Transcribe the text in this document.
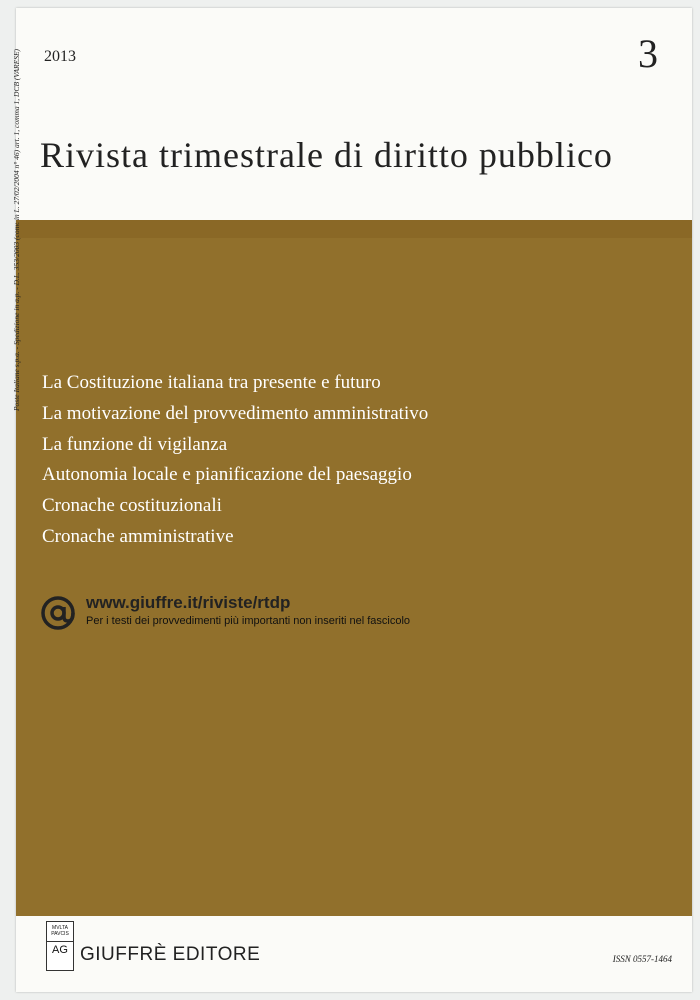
2013	3
Rivista trimestrale di diritto pubblico
La Costituzione italiana tra presente e futuro
La motivazione del provvedimento amministrativo
La funzione di vigilanza
Autonomia locale e pianificazione del paesaggio
Cronache costituzionali
Cronache amministrative
www.giuffre.it/riviste/rtdp
Per i testi dei provvedimenti più importanti non inseriti nel fascicolo
MVLTA PAVCIS
AG GIUFFRÈ EDITORE	ISSN 0557-1464
Poste Italiane s.p.a. - Spedizione in a.p. - D.L. 353/2003 (conv. in L. 27/02/2004 n° 46) art. 1, comma 1, DCB (VARESE)
